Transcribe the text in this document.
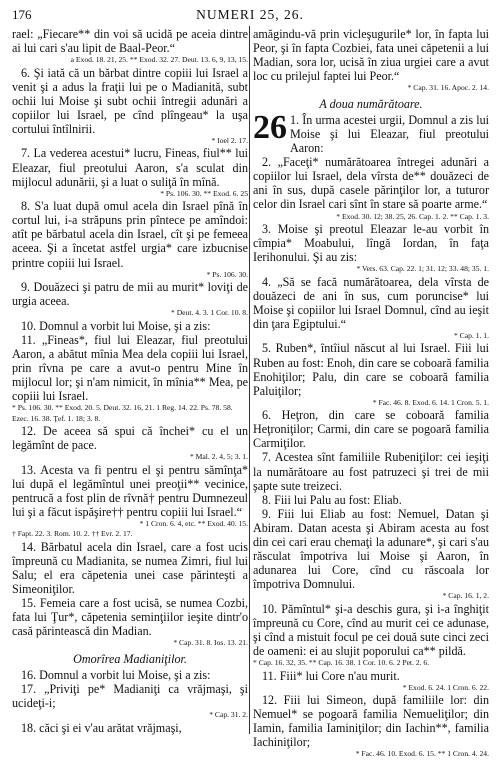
176	NUMERI 25, 26.

rael: „Fiecare** din voi să ucidă pe aceia dintre ai lui cari s'au lipit de Baal-Peor.“

a Exod. 18. 21, 25. ** Exod. 32. 27. Deut. 13. 6, 9, 13, 15.

6. Şi iată că un bărbat dintre copiii lui Israel a venit şi a adus la fraţii lui pe o Madianită, subt ochii lui Moise şi subt ochii întregii adunări a copiilor lui Israel, pe cînd plîngeau* la uşa cortului întîlnirii.

* Ioel 2. 17.

7. La vederea acestui* lucru, Fineas, fiul** lui Eleazar, fiul preotului Aaron, s'a sculat din mijlocul adunării, şi a luat o suliţă în mînă.

* Ps. 106. 30. ** Exod. 6. 25

8. S'a luat după omul acela din Israel pînă în cortul lui, i-a străpuns prin pîntece pe amîndoi: atît pe bărbatul acela din Israel, cît şi pe femeea aceea. Şi a încetat astfel urgia* care izbucnise printre copiii lui Israel.

* Ps. 106. 30.

9. Douăzeci şi patru de mii au murit* loviţi de urgia aceea.

* Deut. 4. 3. 1 Cor. 10. 8.

10. Domnul a vorbit lui Moise, şi a zis:

11. „Fineas*, fiul lui Eleazar, fiul preotului Aaron, a abătut mînia Mea dela copiii lui Israel, prin rîvna pe care a avut-o pentru Mine în mijlocul lor; şi n'am nimicit, în mînia** Mea, pe copiii lui Israel.

* Ps. 106. 30. ** Exod. 20. 5. Deut. 32. 16, 21. 1 Reg. 14. 22. Ps. 78. 58. Ezec. 16. 38. Ţef. 1. 18; 3. 8.

12. De aceea să spui că închei* cu el un legămînt de pace.

* Mal. 2. 4, 5; 3. 1.

13. Acesta va fi pentru el şi pentru sămînţa* lui după el legămîntul unei preoţii** vecinice, pentrucă a fost plin de rîvnă† pentru Dumnezeul lui şi a făcut ispăşire†† pentru copiii lui Israel.“

* 1 Cron. 6. 4, etc. ** Exod. 40. 15.

† Fapt. 22. 3. Rom. 10. 2. †† Evr. 2. 17.

14. Bărbatul acela din Israel, care a fost ucis împreună cu Madianita, se numea Zimri, fiul lui Salu; el era căpetenia unei case părinteşti a Simeoniţilor.

15. Femeia care a fost ucisă, se numea Cozbi, fata lui Ţur*, căpetenia seminţiilor ieşite dintr'o casă părintească din Madian.

* Cap. 31. 8. Ios. 13. 21.

Omorîrea Madianiţilor.

16. Domnul a vorbit lui Moise, şi a zis:

17. „Priviţi pe* Madianiţi ca vrăjmaşi, şi ucideţi-i;

* Cap. 31. 2.

18. căci şi ei v'au arătat vrăjmaşi,

amăgindu-vă prin vicleşugurile* lor, în fapta lui Peor, şi în fapta Cozbiei, fata unei căpetenii a lui Madian, sora lor, ucisă în ziua urgiei care a avut loc cu prilejul faptei lui Peor.“

* Cap. 31. 16. Apoc. 2. 14.

A doua numărătoare.

26 1. În urma acestei urgii, Domnul a zis lui Moise şi lui Eleazar, fiul preotului Aaron:

2. „Faceţi* numărătoarea întregei adunări a copiilor lui Israel, dela vîrsta de** douăzeci de ani în sus, după casele părinţilor lor, a tuturor celor din Israel cari sînt în stare să poarte arme.“

* Exod. 30. 12; 38. 25, 26. Cap. 1. 2. ** Cap. 1. 3.

3. Moise şi preotul Eleazar le-au vorbit în cîmpia* Moabului, lîngă Iordan, în faţa Ierihonului. Şi au zis:

* Vers. 63. Cap. 22. 1; 31. 12; 33. 48; 35. 1.

4. „Să se facă numărătoarea, dela vîrsta de douăzeci de ani în sus, cum poruncise* lui Moise şi copiilor lui Israel Domnul, cînd au ieşit din ţara Egiptului.“

* Cap. 1. 1.

5. Ruben*, întîiul născut al lui Israel. Fiii lui Ruben au fost: Enoh, din care se coboară familia Enohiţilor; Palu, din care se coboară familia Paluiţilor;

* Fac. 46. 8. Exod. 6. 14. 1 Cron. 5. 1.

6. Heţron, din care se coboară familia Heţroniţilor; Carmi, din care se pogoară familia Carmiţilor.

7. Acestea sînt familiile Rubeniţilor: cei ieşiţi la numărătoare au fost patruzeci şi trei de mii şapte sute treizeci.

8. Fiii lui Palu au fost: Eliab.

9. Fiii lui Eliab au fost: Nemuel, Datan şi Abiram. Datan acesta şi Abiram acesta au fost din cei cari erau chemaţi la adunare*, şi cari s'au răsculat împotriva lui Moise şi Aaron, în adunarea lui Core, cînd cu răscoala lor împotriva Domnului.

* Cap. 16. 1, 2.

10. Pămîntul* şi-a deschis gura, şi i-a înghiţit împreună cu Core, cînd au murit cei ce adunase, şi cînd a mistuit focul pe cei două sute cinci zeci de oameni: ei au slujit poporului ca** pildă.

* Cap. 16. 32, 35. ** Cap. 16. 38. 1 Cor. 10. 6. 2 Pet. 2. 6.

11. Fiii* lui Core n'au murit.

* Exod. 6. 24. 1 Cron. 6. 22.

12. Fiii lui Simeon, după familiile lor: din Nemuel* se pogoară familia Nemueliţilor; din Iamin, familia Iaminiţilor; din Iachin**, familia Iachiniţilor;

* Fac. 46. 10. Exod. 6. 15. ** 1 Cron. 4. 24.
